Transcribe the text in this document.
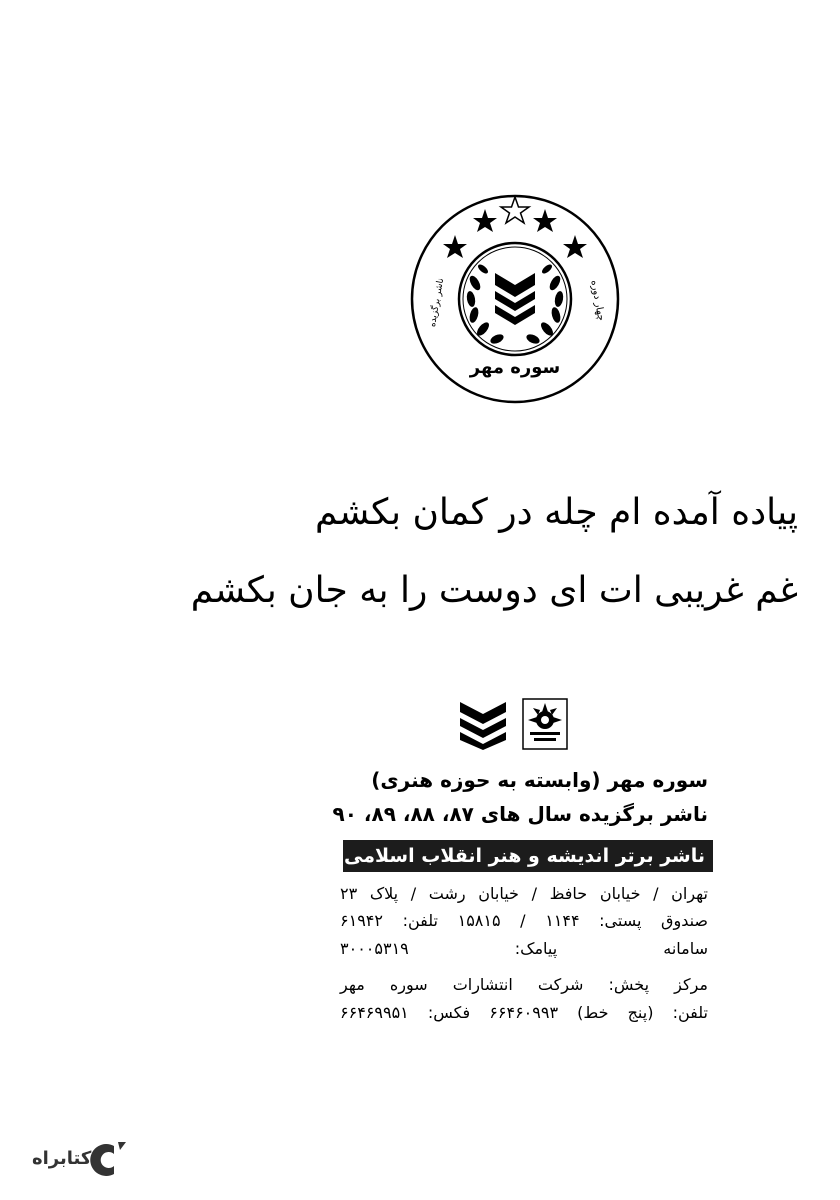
سوره مهر
ناشر برگزیده	چهار دوره
پیاده آمده ام چله در کمان بکشم
غم غریبی ات ای دوست را به جان بکشم
سوره مهر (وابسته به حوزه هنری)
ناشر برگزیده سال های ۸۷، ۸۸، ۸۹، ۹۰
ناشر برتر اندیشه و هنر انقلاب اسلامی
تهران / خیابان حافظ / خیابان رشت / پلاک ۲۳
صندوق پستی: ۱۱۴۴ / ۱۵۸۱۵ تلفن: ۶۱۹۴۲
سامانه پیامک: ۳۰۰۰۵۳۱۹
مرکز پخش: شرکت انتشارات سوره مهر
تلفن: (پنج خط) ۶۶۴۶۰۹۹۳ فکس: ۶۶۴۶۹۹۵۱
کتابراه
